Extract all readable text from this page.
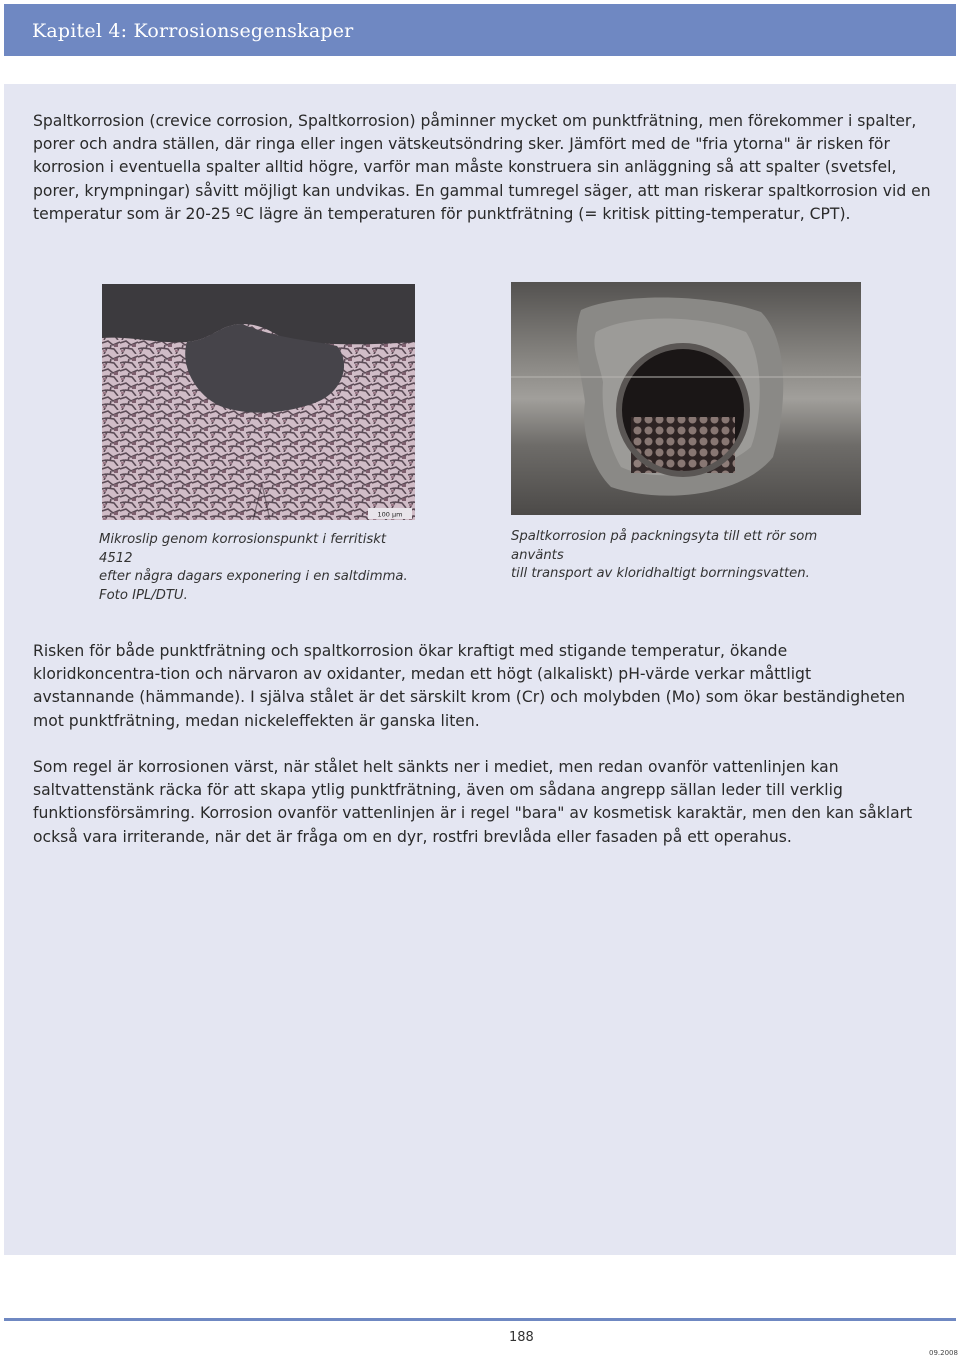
Kapitel 4: Korrosionsegenskaper

Spaltkorrosion (crevice corrosion, Spaltkorrosion) påminner mycket om punktfrätning, men förekommer i spalter, porer och andra ställen, där ringa eller ingen vätskeutsöndring sker. Jämfört med de "fria ytorna" är risken för korrosion i eventuella spalter alltid högre, varför man måste konstruera sin anläggning så att spalter (svetsfel, porer, krympningar) såvitt möjligt kan undvikas. En gammal tumregel säger, att man riskerar spaltkorrosion vid en temperatur som är 20-25 ºC lägre än temperaturen för punktfrätning (= kritisk pitting-temperatur, CPT).

100 µm

Mikroslip genom korrosionspunkt i ferritiskt 4512
efter några dagars exponering i en saltdimma.
Foto IPL/DTU.

Spaltkorrosion på packningsyta till ett rör som använts
till transport av kloridhaltigt borrningsvatten.

Risken för både punktfrätning och spaltkorrosion ökar kraftigt med stigande temperatur, ökande kloridkoncentra-tion och närvaron av oxidanter, medan ett högt (alkaliskt) pH-värde verkar måttligt avstannande (hämmande). I själva stålet är det särskilt krom (Cr) och molybden (Mo) som ökar beständigheten mot punktfrätning, medan nickeleffekten är ganska liten.

Som regel är korrosionen värst, när stålet helt sänkts ner i mediet, men redan ovanför vattenlinjen kan saltvattenstänk räcka för att skapa ytlig punktfrätning, även om sådana angrepp sällan leder till verklig funktionsförsämring. Korrosion ovanför vattenlinjen är i regel "bara" av kosmetisk karaktär, men den kan såklart också vara irriterande, när det är fråga om en dyr, rostfri brevlåda eller fasaden på ett operahus.

188
09.2008
